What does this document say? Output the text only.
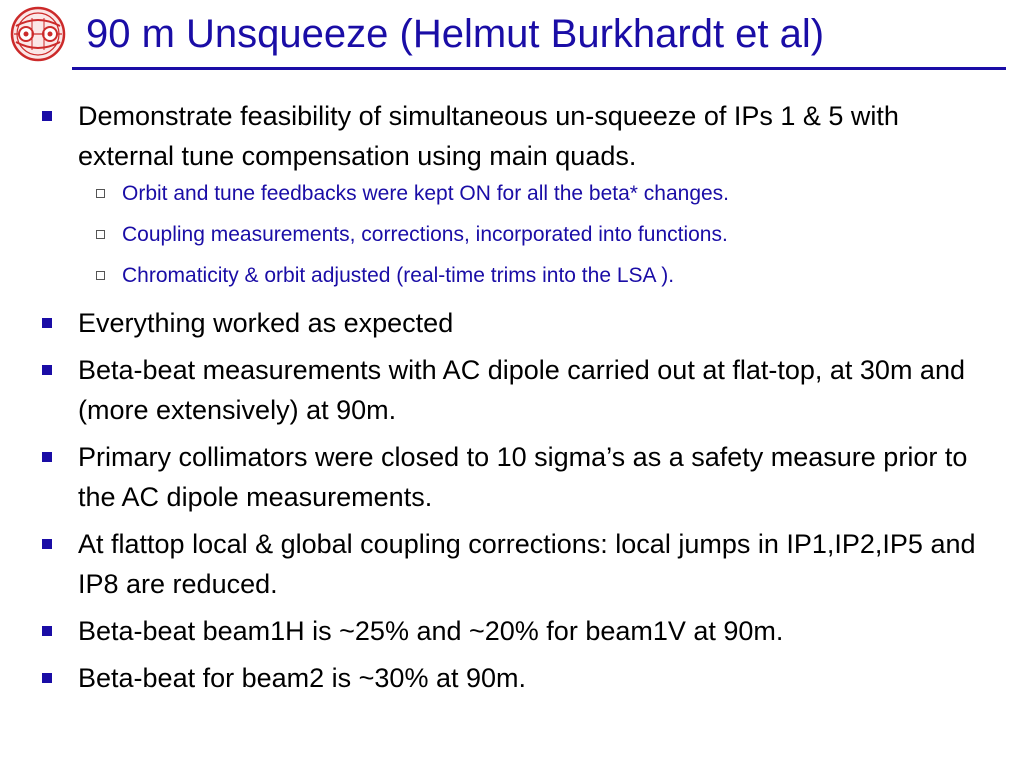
90 m Unsqueeze (Helmut Burkhardt et al)
Demonstrate feasibility of simultaneous un-squeeze of IPs 1 & 5 with external tune compensation using main quads.
Orbit and tune feedbacks were kept ON for all the beta* changes.
Coupling measurements, corrections, incorporated into functions.
Chromaticity & orbit adjusted (real-time trims into the LSA ).
Everything worked as expected
Beta-beat measurements with AC dipole carried out at flat-top, at 30m and (more extensively) at 90m.
Primary collimators were closed to 10 sigma’s as a safety measure prior to the AC dipole measurements.
At flattop local & global coupling corrections: local jumps in IP1,IP2,IP5 and IP8 are reduced.
Beta-beat beam1H is ~25% and ~20% for beam1V at 90m.
Beta-beat for beam2 is ~30% at 90m.
